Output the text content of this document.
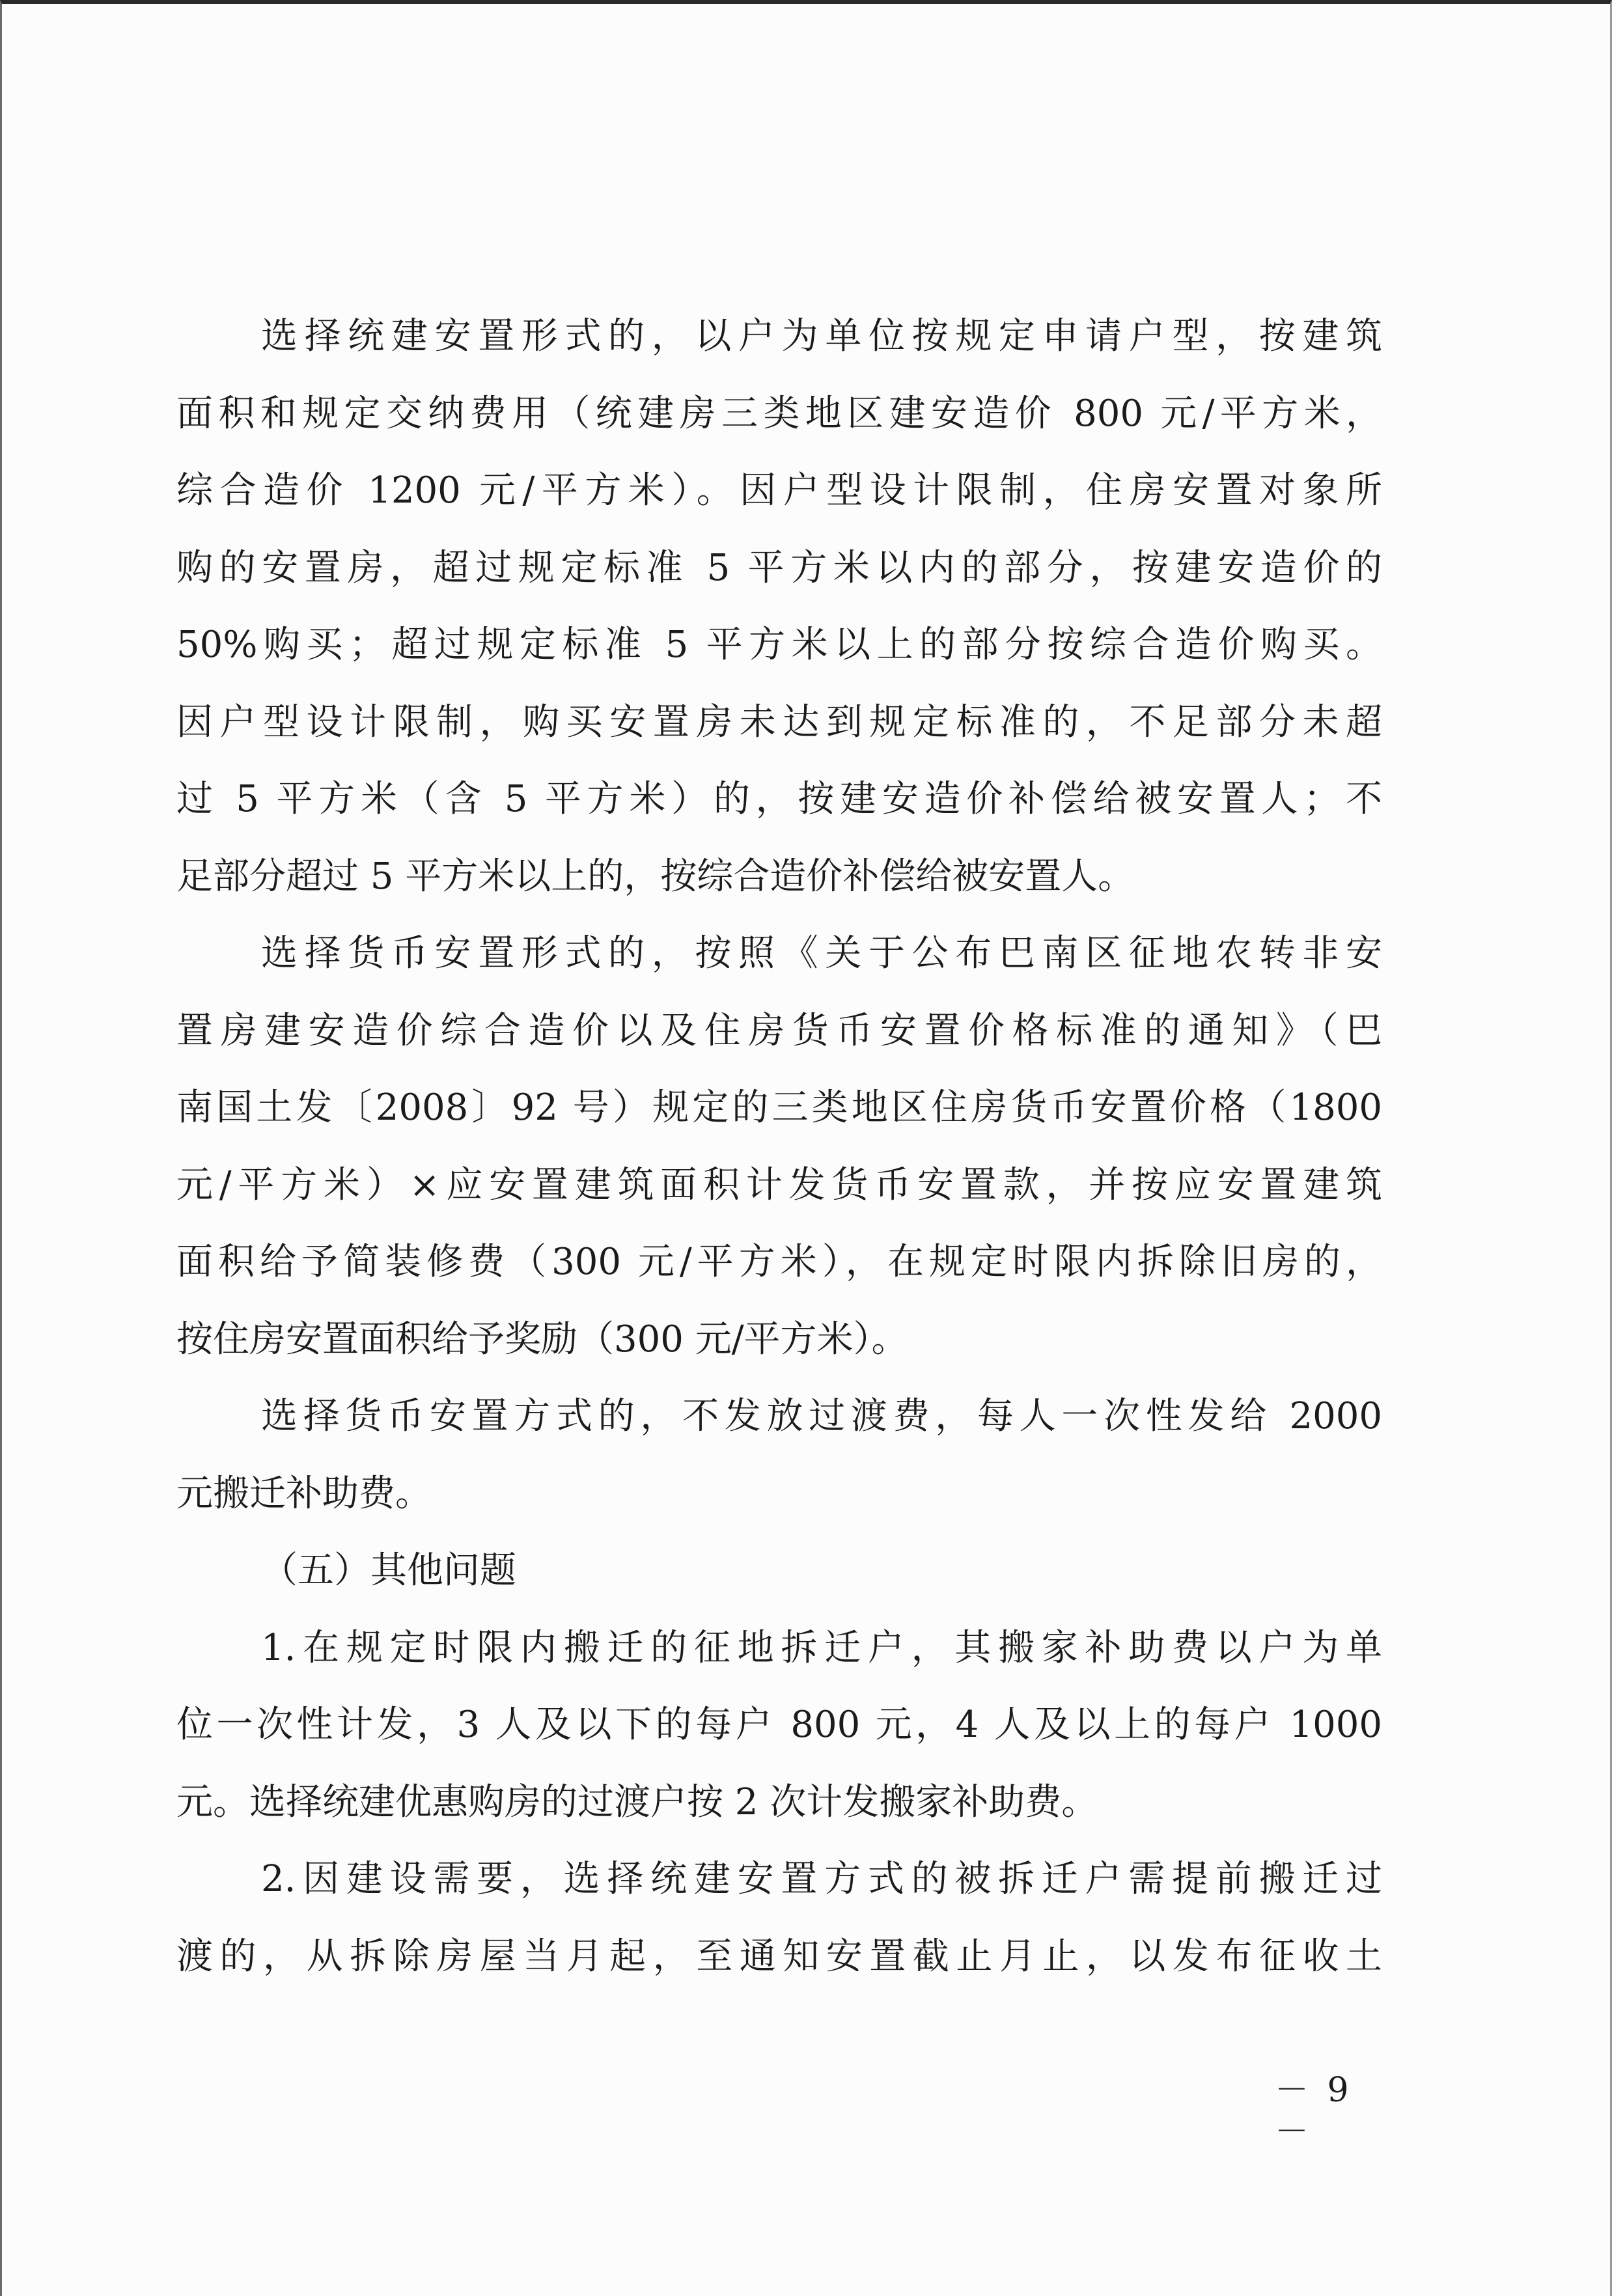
选择统建安置形式的，以户为单位按规定申请户型，按建筑
面积和规定交纳费用（统建房三类地区建安造价 800 元/平方米，
综合造价 1200 元/平方米）。因户型设计限制，住房安置对象所
购的安置房，超过规定标准 5 平方米以内的部分，按建安造价的
50%购买；超过规定标准 5 平方米以上的部分按综合造价购买。
因户型设计限制，购买安置房未达到规定标准的，不足部分未超
过 5 平方米（含 5 平方米）的，按建安造价补偿给被安置人；不
足部分超过 5 平方米以上的，按综合造价补偿给被安置人。
选择货币安置形式的，按照《关于公布巴南区征地农转非安
置房建安造价综合造价以及住房货币安置价格标准的通知》（巴
南国土发〔2008〕92 号）规定的三类地区住房货币安置价格（1800
元/平方米）×应安置建筑面积计发货币安置款，并按应安置建筑
面积给予简装修费（300 元/平方米），在规定时限内拆除旧房的，
按住房安置面积给予奖励（300 元/平方米）。
选择货币安置方式的，不发放过渡费，每人一次性发给 2000
元搬迁补助费。
（五）其他问题
1.在规定时限内搬迁的征地拆迁户，其搬家补助费以户为单
位一次性计发，3 人及以下的每户 800 元，4 人及以上的每户 1000
元。选择统建优惠购房的过渡户按 2 次计发搬家补助费。
2.因建设需要，选择统建安置方式的被拆迁户需提前搬迁过
渡的，从拆除房屋当月起，至通知安置截止月止，以发布征收土
－ 9 －
